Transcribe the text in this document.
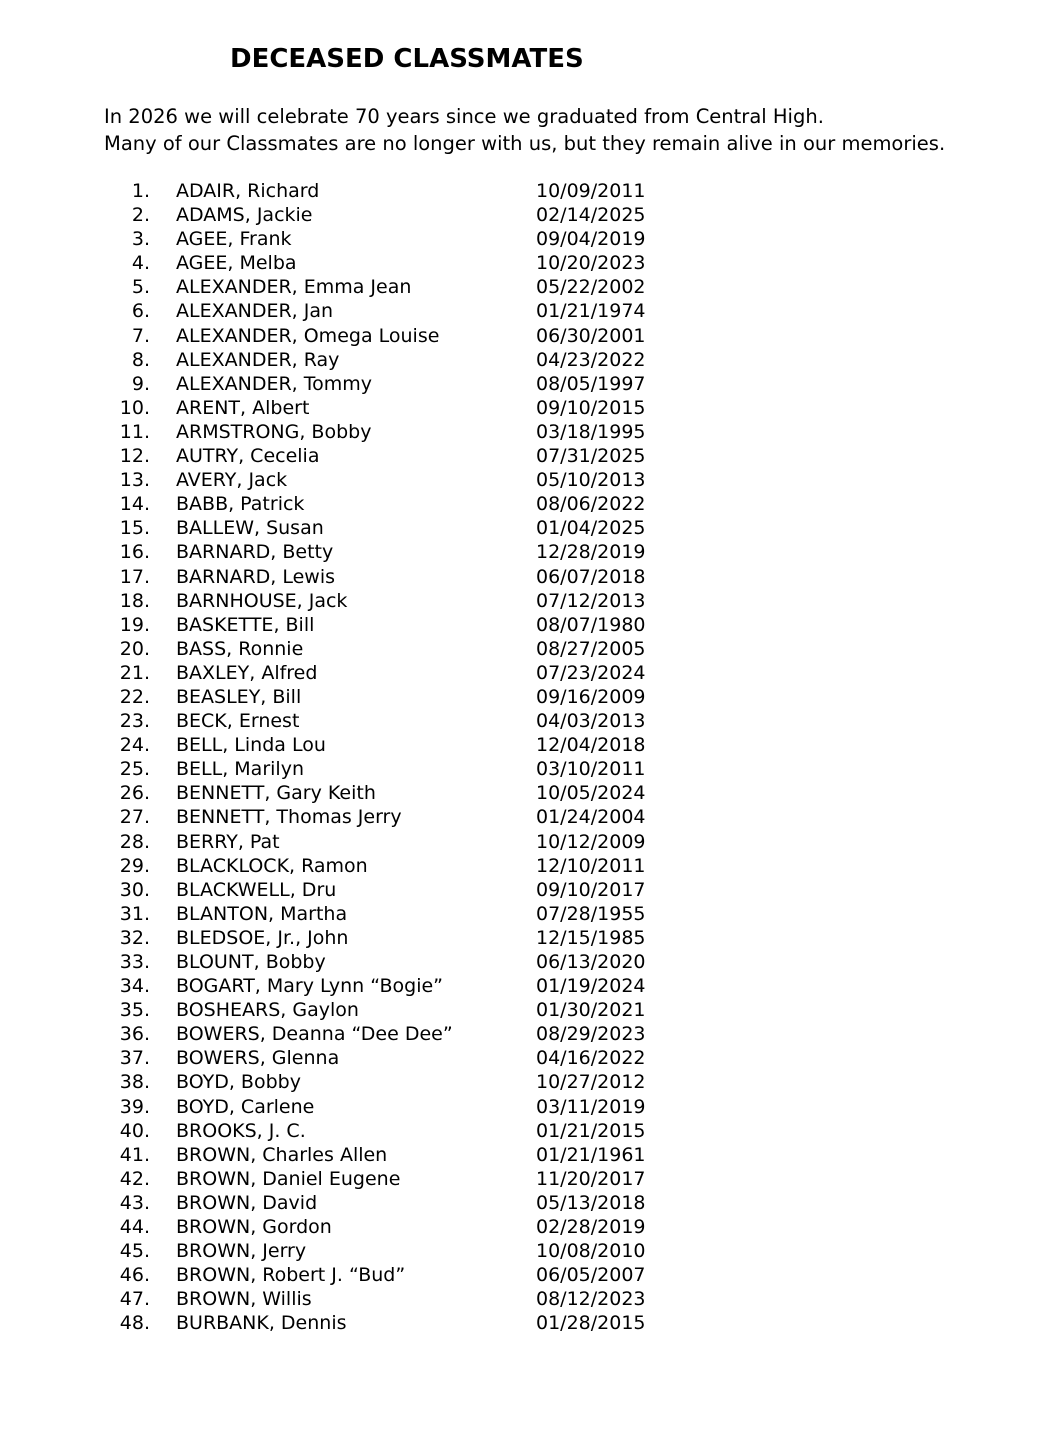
DECEASED CLASSMATES
In 2026 we will celebrate 70 years since we graduated from Central High.
Many of our Classmates are no longer with us, but they remain alive in our memories.
1. ADAIR, Richard	10/09/2011
2. ADAMS, Jackie	02/14/2025
3. AGEE, Frank	09/04/2019
4. AGEE, Melba	10/20/2023
5. ALEXANDER, Emma Jean	05/22/2002
6. ALEXANDER, Jan	01/21/1974
7. ALEXANDER, Omega Louise	06/30/2001
8. ALEXANDER, Ray	04/23/2022
9. ALEXANDER, Tommy	08/05/1997
10. ARENT, Albert	09/10/2015
11. ARMSTRONG, Bobby	03/18/1995
12. AUTRY, Cecelia	07/31/2025
13. AVERY, Jack	05/10/2013
14. BABB, Patrick	08/06/2022
15. BALLEW, Susan	01/04/2025
16. BARNARD, Betty	12/28/2019
17. BARNARD, Lewis	06/07/2018
18. BARNHOUSE, Jack	07/12/2013
19. BASKETTE, Bill	08/07/1980
20. BASS, Ronnie	08/27/2005
21. BAXLEY, Alfred	07/23/2024
22. BEASLEY, Bill	09/16/2009
23. BECK, Ernest	04/03/2013
24. BELL, Linda Lou	12/04/2018
25. BELL, Marilyn	03/10/2011
26. BENNETT, Gary Keith	10/05/2024
27. BENNETT, Thomas Jerry	01/24/2004
28. BERRY, Pat	10/12/2009
29. BLACKLOCK, Ramon	12/10/2011
30. BLACKWELL, Dru	09/10/2017
31. BLANTON, Martha	07/28/1955
32. BLEDSOE, Jr., John	12/15/1985
33. BLOUNT, Bobby	06/13/2020
34. BOGART, Mary Lynn “Bogie”	01/19/2024
35. BOSHEARS, Gaylon	01/30/2021
36. BOWERS, Deanna “Dee Dee”	08/29/2023
37. BOWERS, Glenna	04/16/2022
38. BOYD, Bobby	10/27/2012
39. BOYD, Carlene	03/11/2019
40. BROOKS, J. C.	01/21/2015
41. BROWN, Charles Allen	01/21/1961
42. BROWN, Daniel Eugene	11/20/2017
43. BROWN, David	05/13/2018
44. BROWN, Gordon	02/28/2019
45. BROWN, Jerry	10/08/2010
46. BROWN, Robert J. “Bud”	06/05/2007
47. BROWN, Willis	08/12/2023
48. BURBANK, Dennis	01/28/2015
